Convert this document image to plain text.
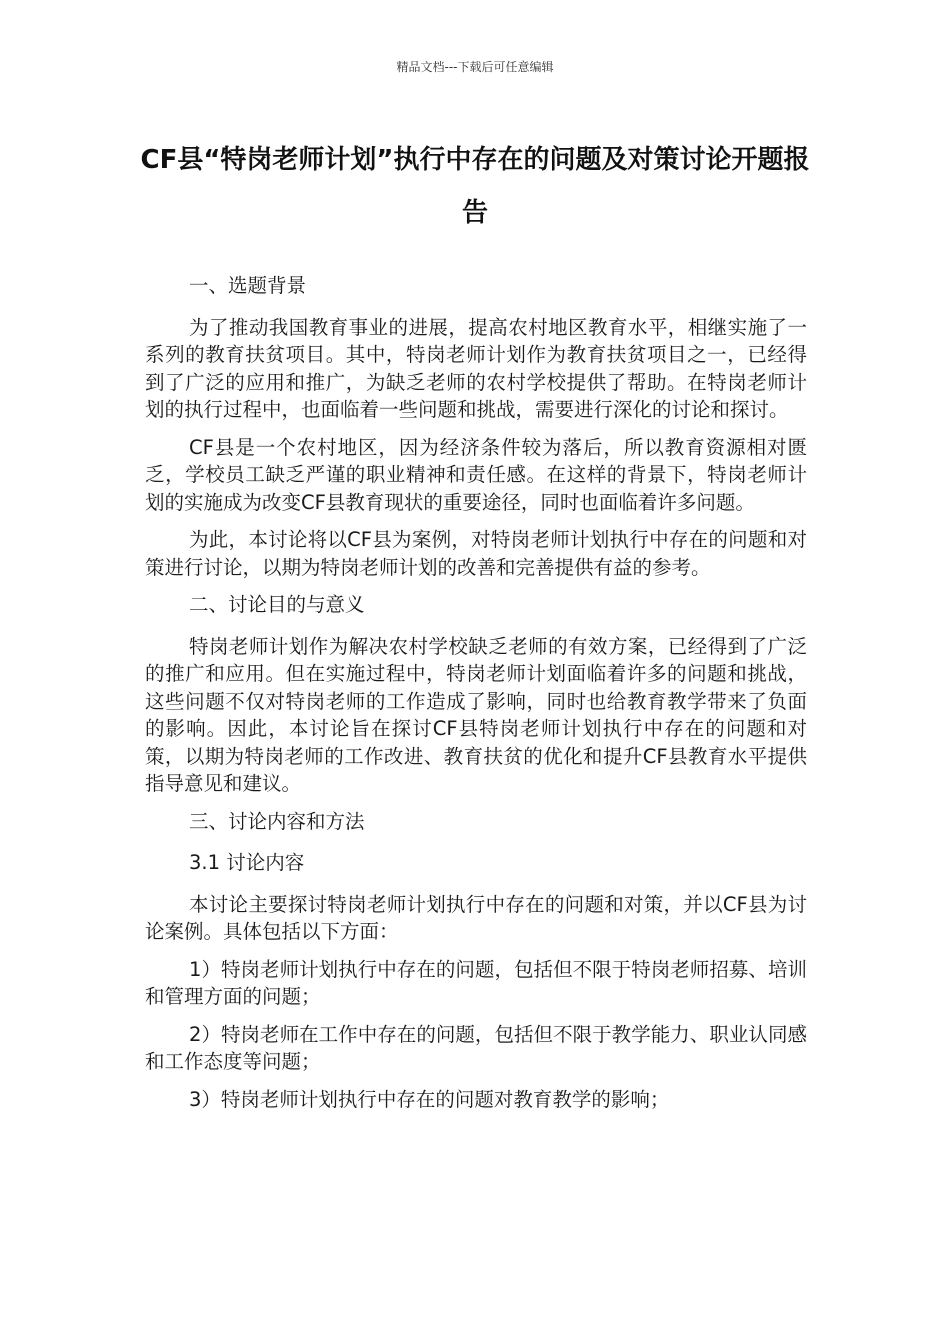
精品文档---下载后可任意编辑
CF县“特岗老师计划”执行中存在的问题及对策讨论开题报告
一、选题背景

为了推动我国教育事业的进展，提高农村地区教育水平，相继实施了一系列的教育扶贫项目。其中，特岗老师计划作为教育扶贫项目之一，已经得到了广泛的应用和推广，为缺乏老师的农村学校提供了帮助。在特岗老师计划的执行过程中，也面临着一些问题和挑战，需要进行深化的讨论和探讨。

CF县是一个农村地区，因为经济条件较为落后，所以教育资源相对匮乏，学校员工缺乏严谨的职业精神和责任感。在这样的背景下，特岗老师计划的实施成为改变CF县教育现状的重要途径，同时也面临着许多问题。

为此，本讨论将以CF县为案例，对特岗老师计划执行中存在的问题和对策进行讨论，以期为特岗老师计划的改善和完善提供有益的参考。

二、讨论目的与意义

特岗老师计划作为解决农村学校缺乏老师的有效方案，已经得到了广泛的推广和应用。但在实施过程中，特岗老师计划面临着许多的问题和挑战，这些问题不仅对特岗老师的工作造成了影响，同时也给教育教学带来了负面的影响。因此，本讨论旨在探讨CF县特岗老师计划执行中存在的问题和对策，以期为特岗老师的工作改进、教育扶贫的优化和提升CF县教育水平提供指导意见和建议。

三、讨论内容和方法
3.1 讨论内容

本讨论主要探讨特岗老师计划执行中存在的问题和对策，并以CF县为讨论案例。具体包括以下方面：

1）特岗老师计划执行中存在的问题，包括但不限于特岗老师招募、培训和管理方面的问题；

2）特岗老师在工作中存在的问题，包括但不限于教学能力、职业认同感和工作态度等问题；

3）特岗老师计划执行中存在的问题对教育教学的影响；
